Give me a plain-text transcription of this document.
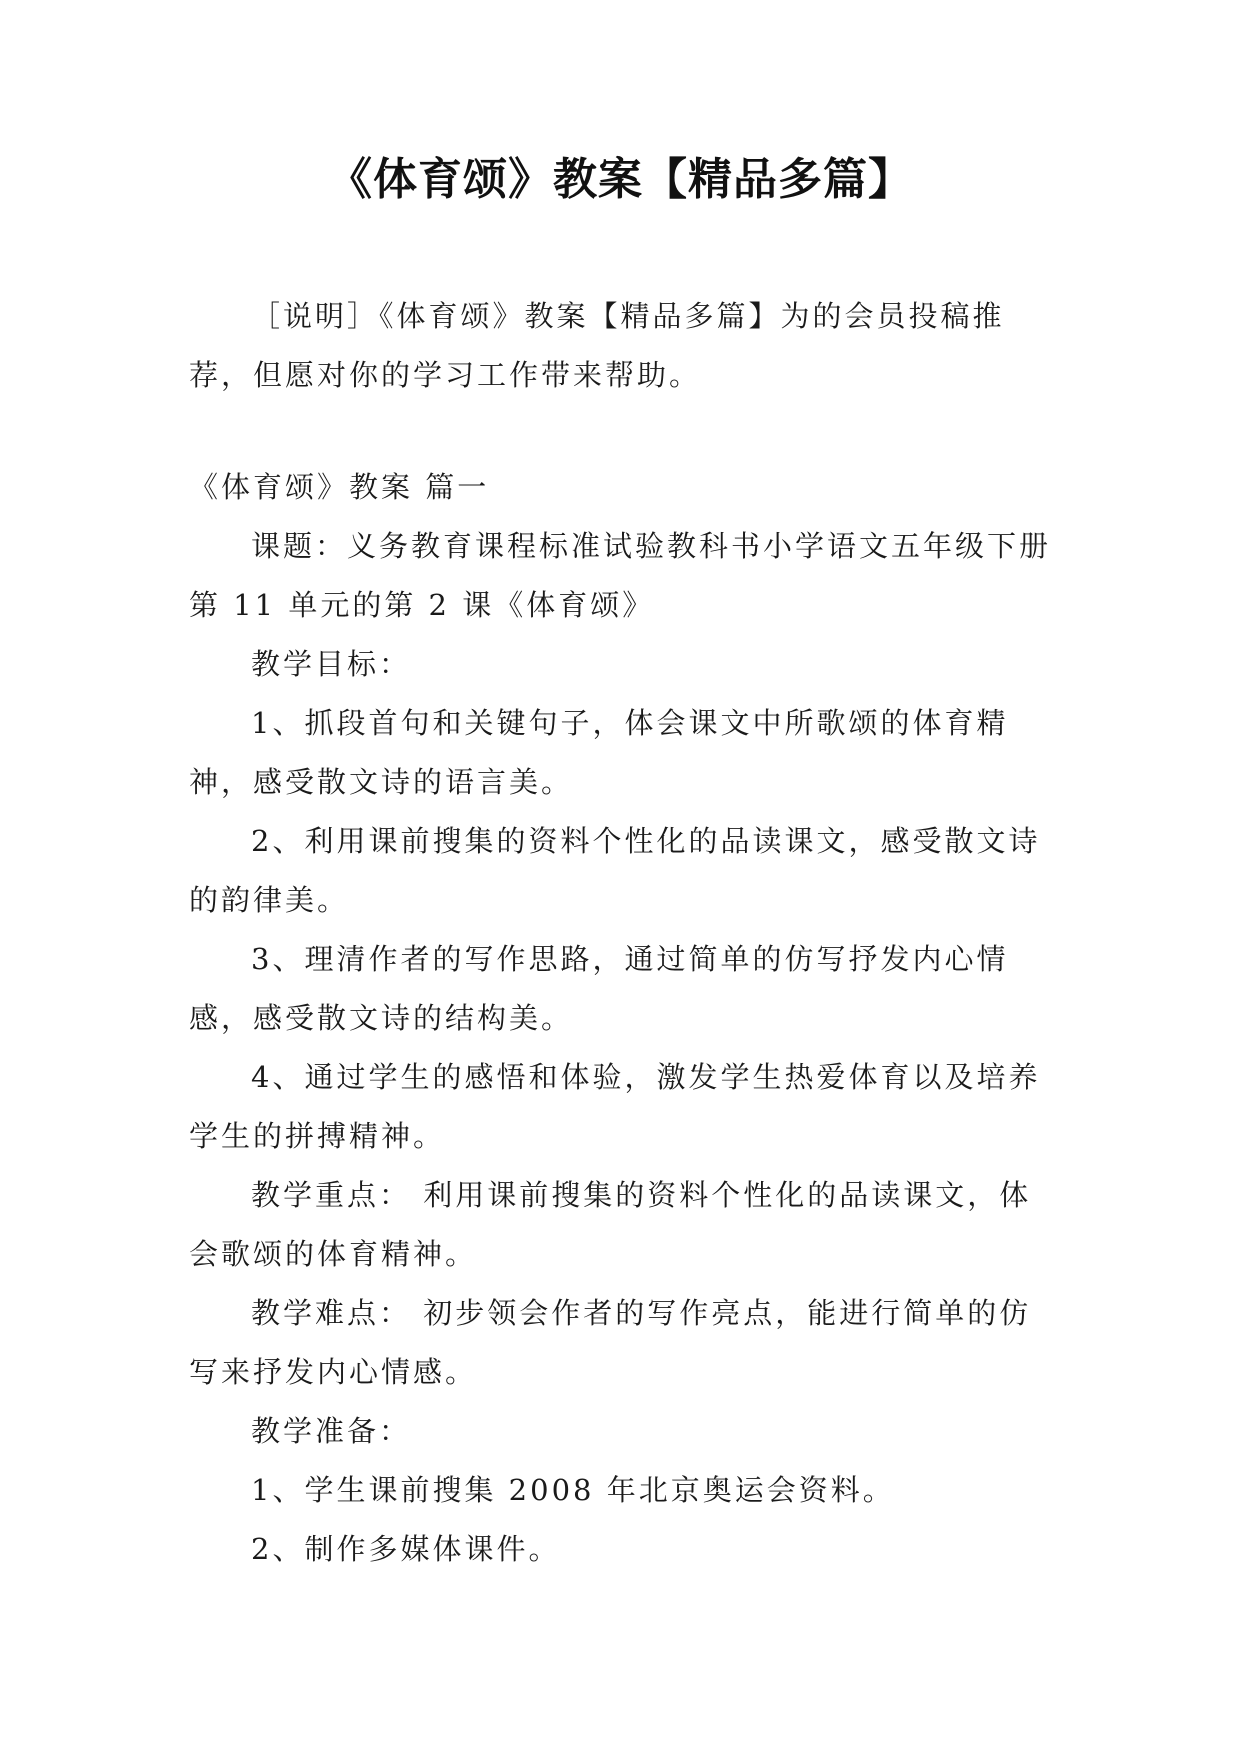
《体育颂》教案【精品多篇】

［说明］《体育颂》教案【精品多篇】为的会员投稿推荐，但愿对你的学习工作带来帮助。

《体育颂》教案 篇一

课题：义务教育课程标准试验教科书小学语文五年级下册第 11 单元的第 2 课《体育颂》

教学目标：

1、抓段首句和关键句子，体会课文中所歌颂的体育精神，感受散文诗的语言美。

2、利用课前搜集的资料个性化的品读课文，感受散文诗的韵律美。

3、理清作者的写作思路，通过简单的仿写抒发内心情感，感受散文诗的结构美。

4、通过学生的感悟和体验，激发学生热爱体育以及培养学生的拼搏精神。

教学重点： 利用课前搜集的资料个性化的品读课文，体会歌颂的体育精神。

教学难点： 初步领会作者的写作亮点，能进行简单的仿写来抒发内心情感。

教学准备：

1、学生课前搜集 2008 年北京奥运会资料。

2、制作多媒体课件。
